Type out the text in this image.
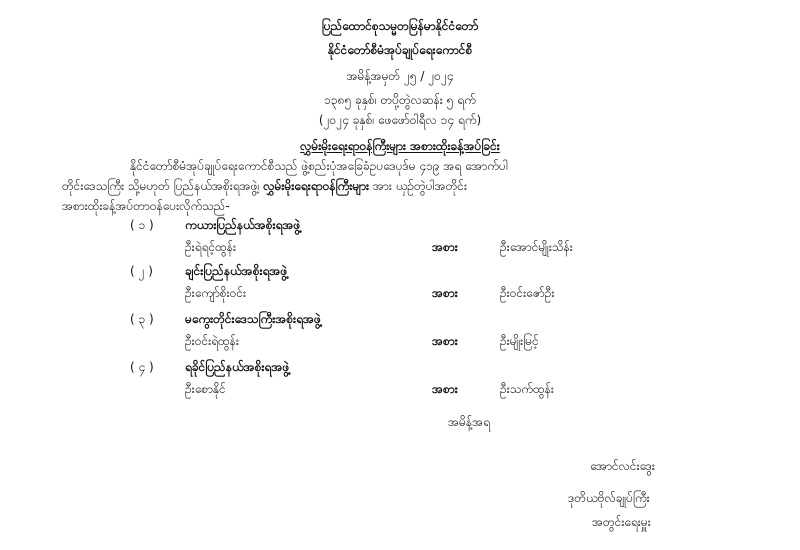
ပြည်ထောင်စုသမ္မတမြန်မာနိုင်ငံတော်
နိုင်ငံတော်စီမံအုပ်ချုပ်ရေးကောင်စီ
အမိန့်အမှတ် ၂၅ / ၂၀၂၄
၁၃၈၅ ခုနှစ်၊ တပို့တွဲလဆန်း ၅ ရက်
(၂၀၂၄ ခုနှစ်၊ ဖေဖော်ဝါရီလ ၁၄ ရက်)
လွှမ်းမိုးရေးရာဝန်ကြီးများ အစားထိုးခန့်အပ်ခြင်း
နိုင်ငံတော်စီမံအုပ်ချုပ်ရေးကောင်စီသည် ဖွဲ့စည်းပုံအခြေခံဥပဒေပုဒ်မ ၄၁၉ အရ အောက်ပါ
တိုင်းဒေသကြီး သို့မဟုတ် ပြည်နယ်အစိုးရအဖွဲ့၊ လွှမ်းမိုးရေးရာဝန်ကြီးများ အား ယှဉ်တွဲပါအတိုင်း
အစားထိုးခန့်အပ်တာဝန်ပေးလိုက်သည်-
( ၁ )	ကယားပြည်နယ်အစိုးရအဖွဲ့
ဦးရဲရင့်ထွန်း	အစား	ဦးအောင်မျိုးသိန်း
( ၂ )	ချင်းပြည်နယ်အစိုးရအဖွဲ့
ဦးကျော်စိုးဝင်း	အစား	ဦးဝင်းဇော်ဦး
( ၃ )	မကွေးတိုင်းဒေသကြီးအစိုးရအဖွဲ့
ဦးဝင်းရဲထွန်း	အစား	ဦးမျိုးမြင့်
( ၄ )	ရခိုင်ပြည်နယ်အစိုးရအဖွဲ့
ဦးစောနိုင်	အစား	ဦးသက်ထွန်း
အမိန့်အရ
အောင်လင်းဒွေး
ဒုတိယဗိုလ်ချုပ်ကြီး
အတွင်းရေးမှူး
